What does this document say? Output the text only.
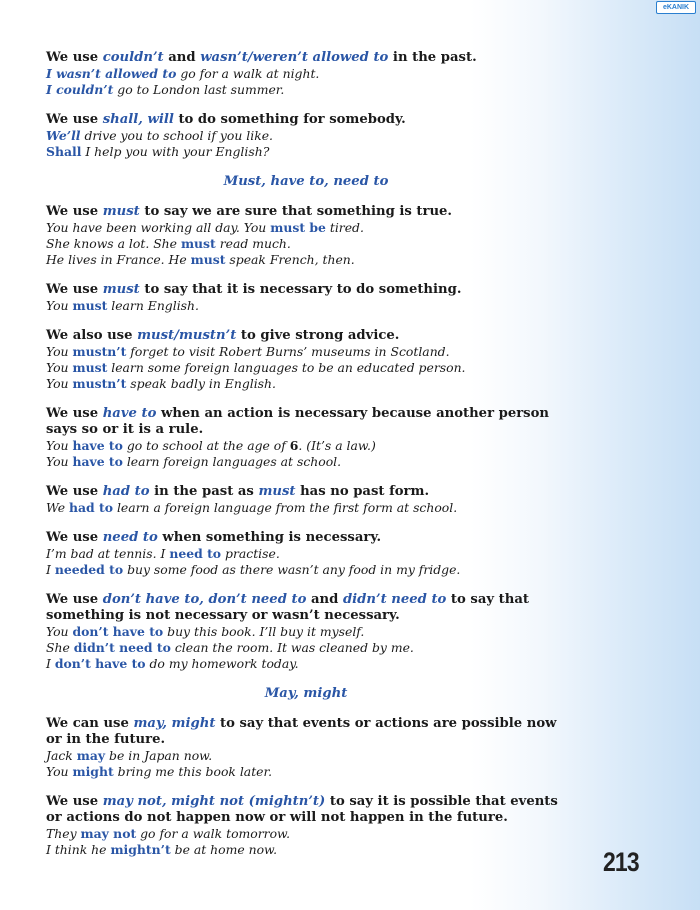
eKANIK
We use couldn’t and wasn’t/weren’t allowed to in the past.
I wasn’t allowed to go for a walk at night.
I couldn’t go to London last summer.
We use shall, will to do something for somebody.
We’ll drive you to school if you like.
Shall I help you with your English?
Must, have to, need to
We use must to say we are sure that something is true.
You have been working all day. You must be tired.
She knows a lot. She must read much.
He lives in France. He must speak French, then.
We use must to say that it is necessary to do something.
You must learn English.
We also use must/mustn’t to give strong advice.
You mustn’t forget to visit Robert Burns’ museums in Scotland.
You must learn some foreign languages to be an educated person.
You mustn’t speak badly in English.
We use have to when an action is necessary because another person says so or it is a rule.
You have to go to school at the age of 6. (It’s a law.)
You have to learn foreign languages at school.
We use had to in the past as must has no past form.
We had to learn a foreign language from the first form at school.
We use need to when something is necessary.
I’m bad at tennis. I need to practise.
I needed to buy some food as there wasn’t any food in my fridge.
We use don’t have to, don’t need to and didn’t need to to say that something is not necessary or wasn’t necessary.
You don’t have to buy this book. I’ll buy it myself.
She didn’t need to clean the room. It was cleaned by me.
I don’t have to do my homework today.
May, might
We can use may, might to say that events or actions are possible now or in the future.
Jack may be in Japan now.
You might bring me this book later.
We use may not, might not (mightn’t) to say it is possible that events or actions do not happen now or will not happen in the future.
They may not go for a walk tomorrow.
I think he mightn’t be at home now.	213
